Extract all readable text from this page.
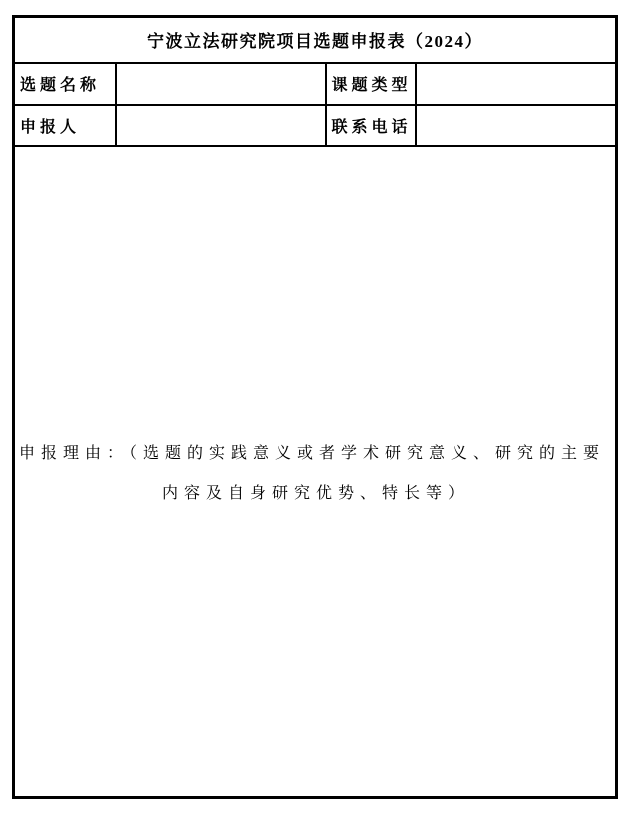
宁波立法研究院项目选题申报表（2024）			
选题名称		课题类型	
申报人		联系电话	

申报理由：（选题的实践意义或者学术研究意义、研究的主要
内容及自身研究优势、特长等）			
